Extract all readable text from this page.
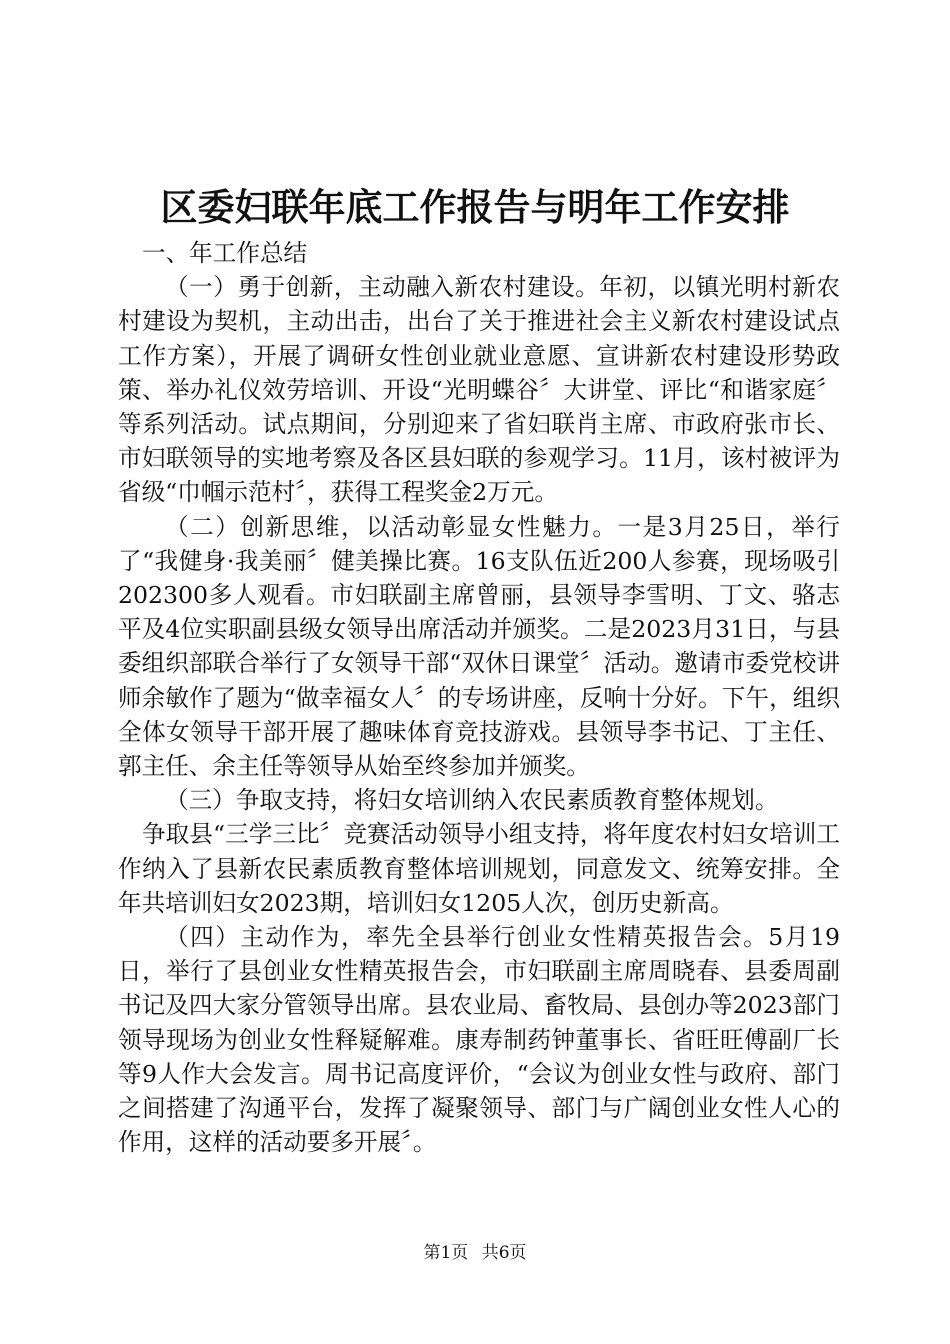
区委妇联年底工作报告与明年工作安排

一、年工作总结

（一）勇于创新，主动融入新农村建设。年初，以镇光明村新农村建设为契机，主动出击，出台了关于推进社会主义新农村建设试点工作方案），开展了调研女性创业就业意愿、宣讲新农村建设形势政策、举办礼仪效劳培训、开设“光明蝶谷〞大讲堂、评比“和谐家庭〞等系列活动。试点期间，分别迎来了省妇联肖主席、市政府张市长、市妇联领导的实地考察及各区县妇联的参观学习。11月，该村被评为省级“巾帼示范村〞，获得工程奖金2万元。

（二）创新思维，以活动彰显女性魅力。一是3月25日，举行了“我健身·我美丽〞健美操比赛。16支队伍近200人参赛，现场吸引202300多人观看。市妇联副主席曾丽，县领导李雪明、丁文、骆志平及4位实职副县级女领导出席活动并颁奖。二是2023月31日，与县委组织部联合举行了女领导干部“双休日课堂〞活动。邀请市委党校讲师余敏作了题为“做幸福女人〞的专场讲座，反响十分好。下午，组织全体女领导干部开展了趣味体育竞技游戏。县领导李书记、丁主任、郭主任、余主任等领导从始至终参加并颁奖。

（三）争取支持，将妇女培训纳入农民素质教育整体规划。

争取县“三学三比〞竞赛活动领导小组支持，将年度农村妇女培训工作纳入了县新农民素质教育整体培训规划，同意发文、统筹安排。全年共培训妇女2023期，培训妇女1205人次，创历史新高。

（四）主动作为，率先全县举行创业女性精英报告会。5月19日，举行了县创业女性精英报告会，市妇联副主席周晓春、县委周副书记及四大家分管领导出席。县农业局、畜牧局、县创办等2023部门领导现场为创业女性释疑解难。康寿制药钟董事长、省旺旺傅副厂长等9人作大会发言。周书记高度评价，“会议为创业女性与政府、部门之间搭建了沟通平台，发挥了凝聚领导、部门与广阔创业女性人心的作用，这样的活动要多开展〞。

第1页 共6页
